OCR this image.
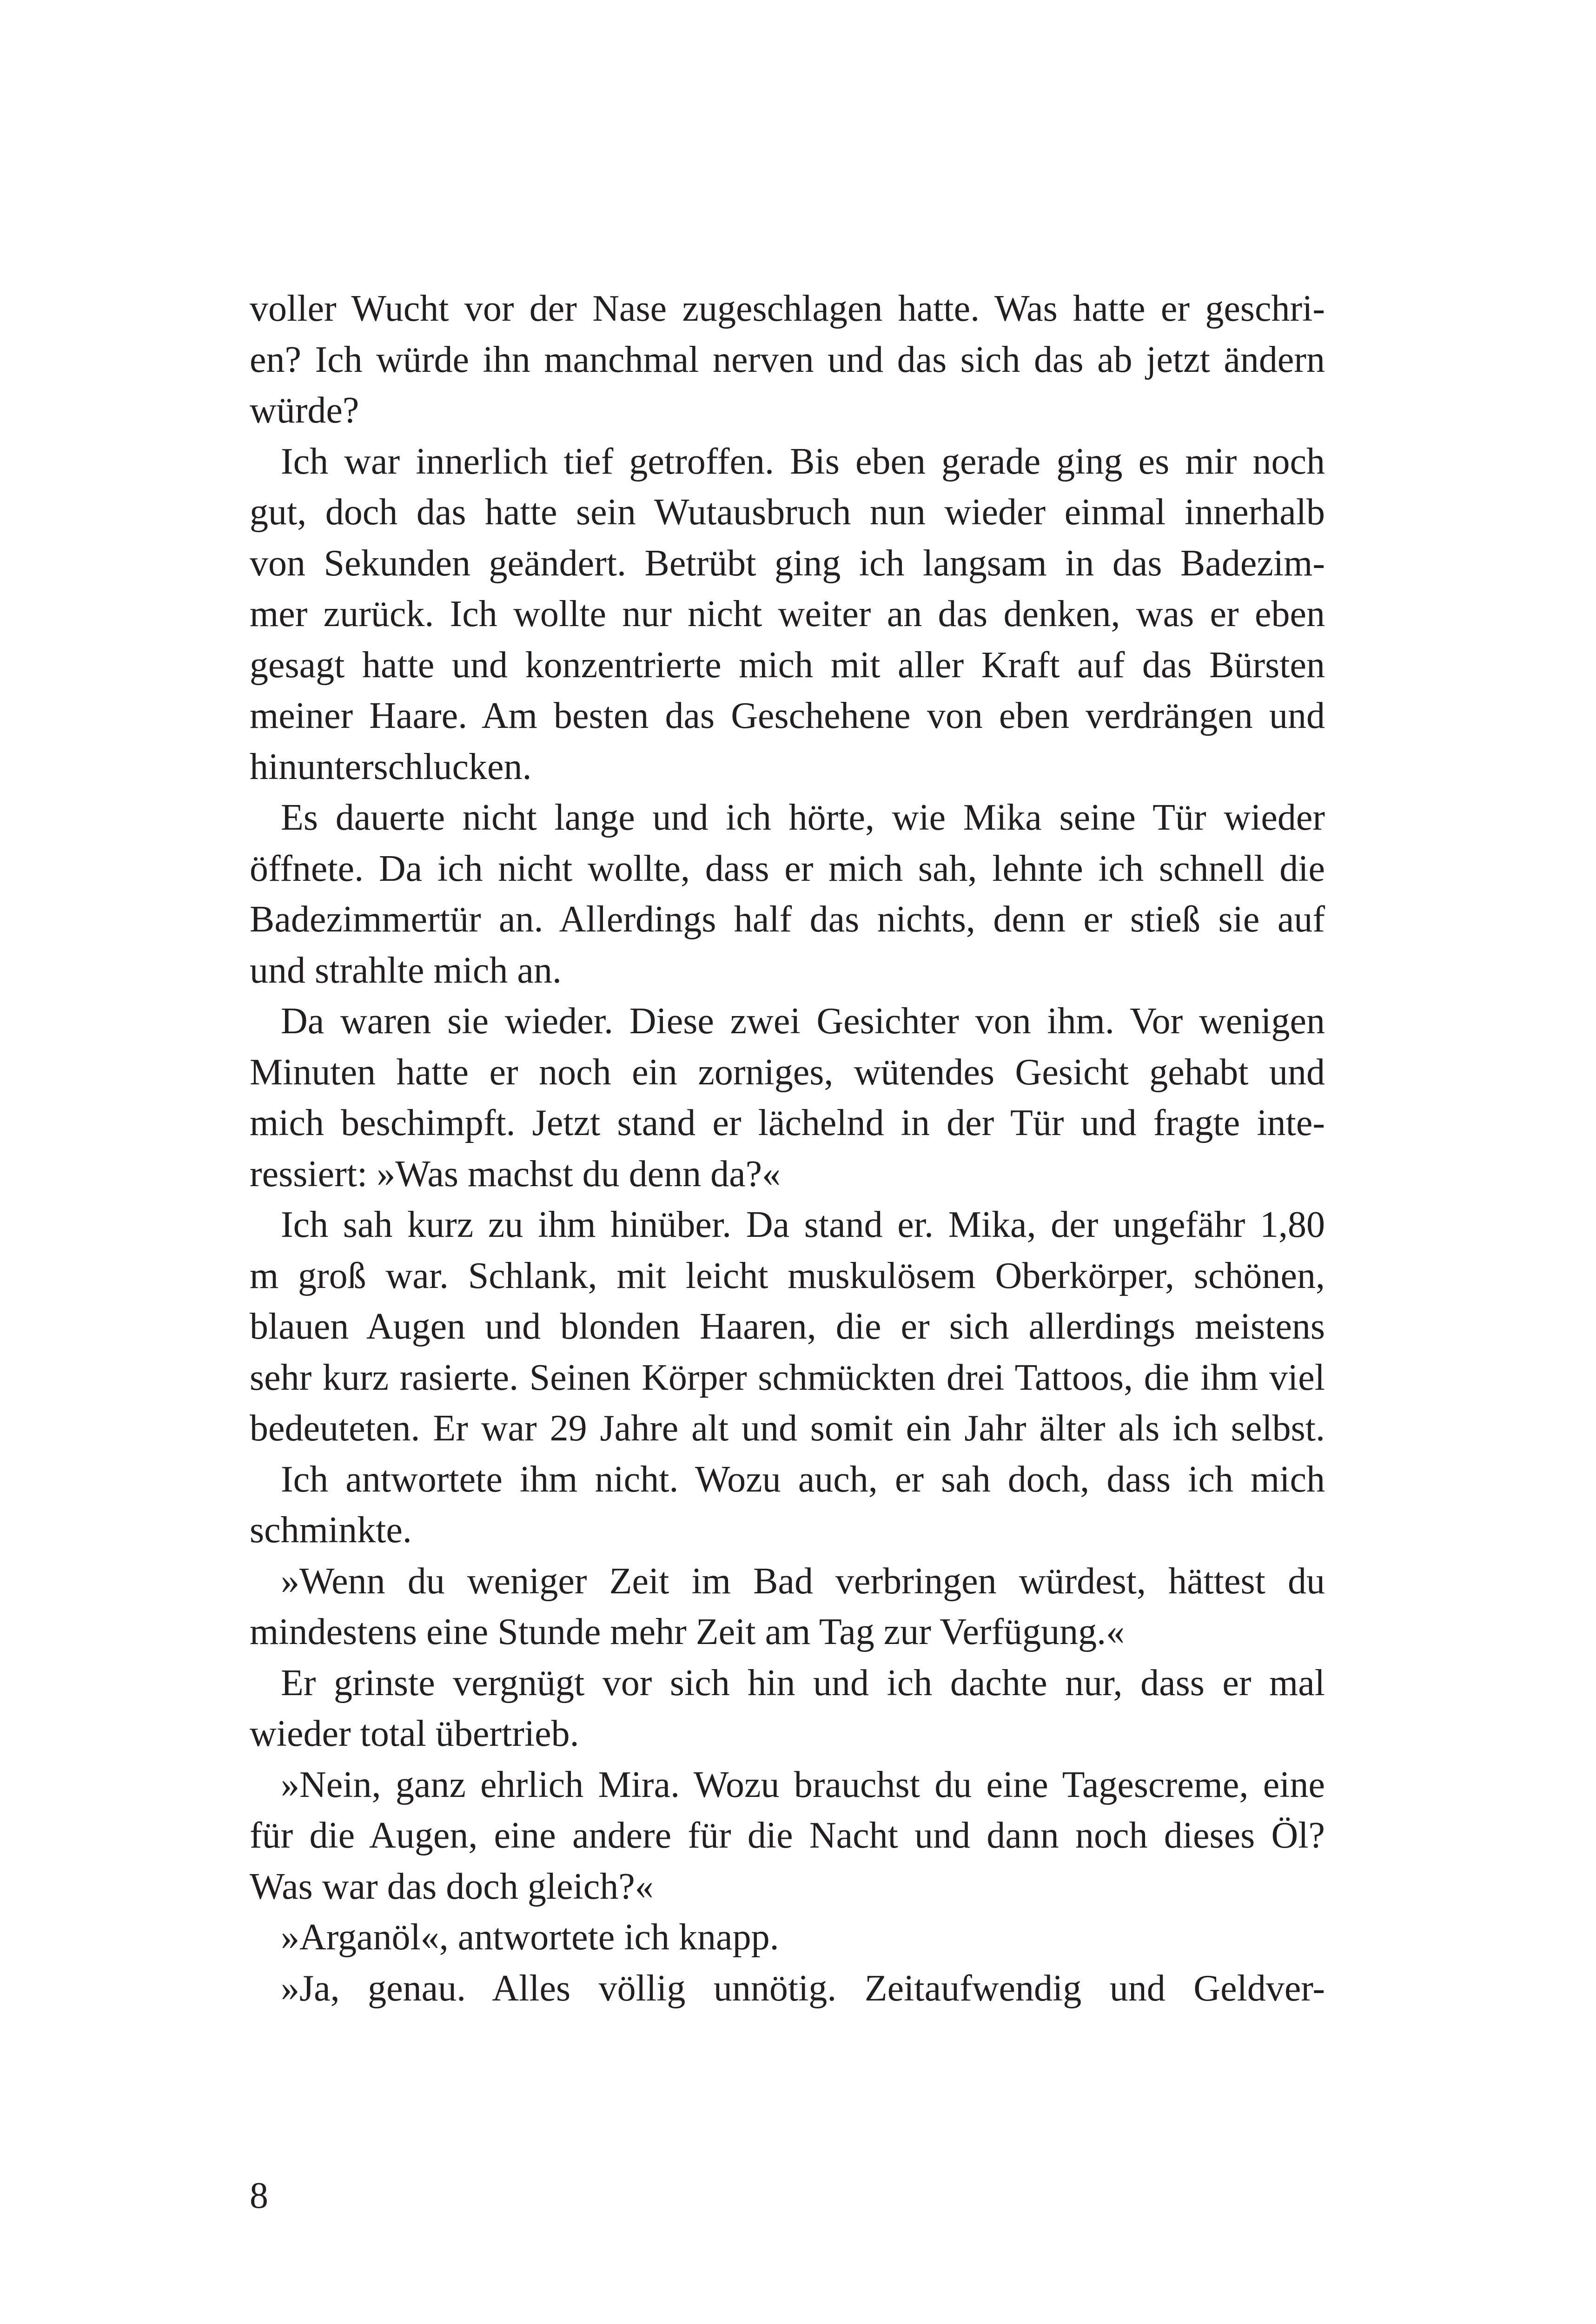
voller Wucht vor der Nase zugeschlagen hatte. Was hatte er geschri-
en? Ich würde ihn manchmal nerven und das sich das ab jetzt ändern
würde?
Ich war innerlich tief getroffen. Bis eben gerade ging es mir noch
gut, doch das hatte sein Wutausbruch nun wieder einmal innerhalb
von Sekunden geändert. Betrübt ging ich langsam in das Badezim-
mer zurück. Ich wollte nur nicht weiter an das denken, was er eben
gesagt hatte und konzentrierte mich mit aller Kraft auf das Bürsten
meiner Haare. Am besten das Geschehene von eben verdrängen und
hinunterschlucken.
Es dauerte nicht lange und ich hörte, wie Mika seine Tür wieder
öffnete. Da ich nicht wollte, dass er mich sah, lehnte ich schnell die
Badezimmertür an. Allerdings half das nichts, denn er stieß sie auf
und strahlte mich an.
Da waren sie wieder. Diese zwei Gesichter von ihm. Vor wenigen
Minuten hatte er noch ein zorniges, wütendes Gesicht gehabt und
mich beschimpft. Jetzt stand er lächelnd in der Tür und fragte inte-
ressiert: »Was machst du denn da?«
Ich sah kurz zu ihm hinüber. Da stand er. Mika, der ungefähr 1,80
m groß war. Schlank, mit leicht muskulösem Oberkörper, schönen,
blauen Augen und blonden Haaren, die er sich allerdings meistens
sehr kurz rasierte. Seinen Körper schmückten drei Tattoos, die ihm viel
bedeuteten. Er war 29 Jahre alt und somit ein Jahr älter als ich selbst.
Ich antwortete ihm nicht. Wozu auch, er sah doch, dass ich mich
schminkte.
»Wenn du weniger Zeit im Bad verbringen würdest, hättest du
mindestens eine Stunde mehr Zeit am Tag zur Verfügung.«
Er grinste vergnügt vor sich hin und ich dachte nur, dass er mal
wieder total übertrieb.
»Nein, ganz ehrlich Mira. Wozu brauchst du eine Tagescreme, eine
für die Augen, eine andere für die Nacht und dann noch dieses Öl?
Was war das doch gleich?«
»Arganöl«, antwortete ich knapp.
»Ja, genau. Alles völlig unnötig. Zeitaufwendig und Geldver-
8
